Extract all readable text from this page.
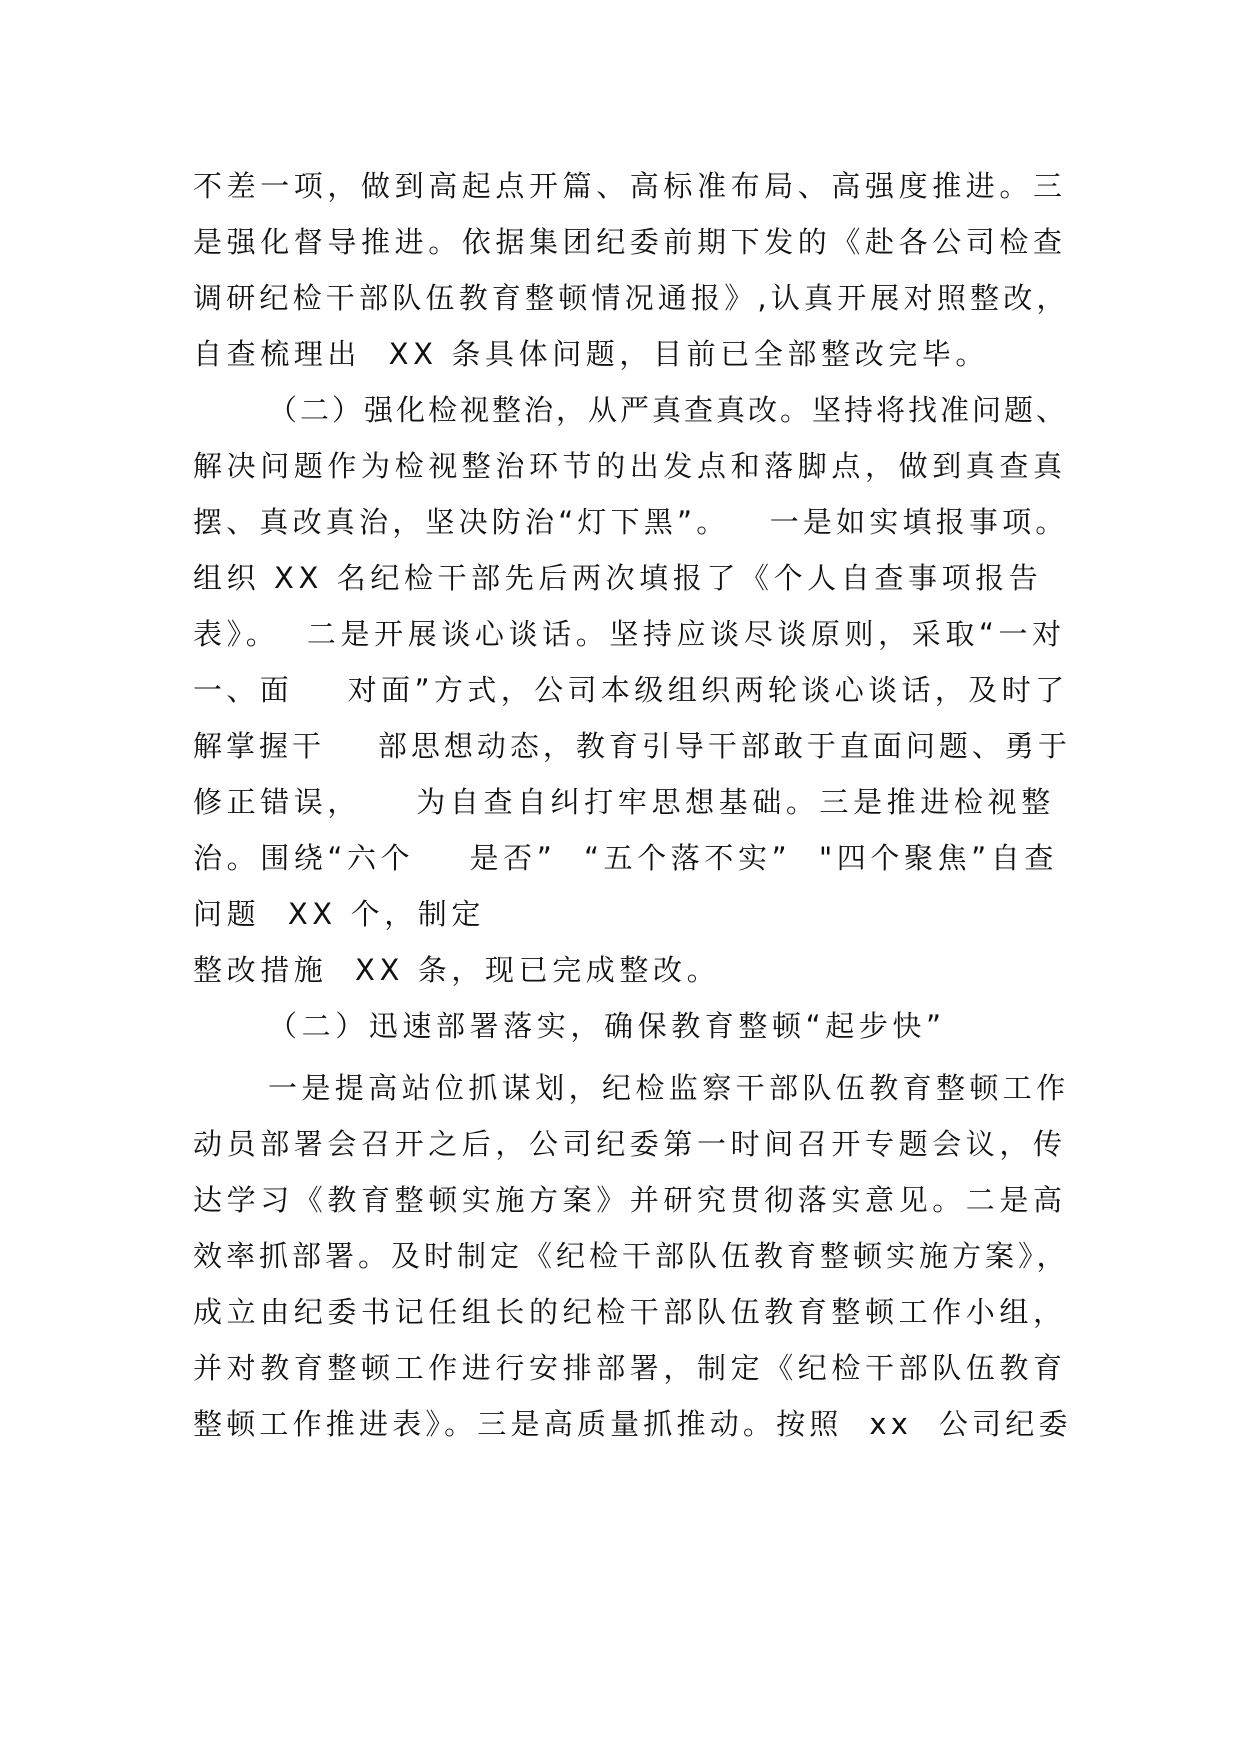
不差一项，做到高起点开篇、高标准布局、高强度推进。三
是强化督导推进。依据集团纪委前期下发的《赴各公司检查
调研纪检干部队伍教育整顿情况通报》,认真开展对照整改，
自查梳理出  XX 条具体问题，目前已全部整改完毕。
（二）强化检视整治，从严真查真改。坚持将找准问题、
解决问题作为检视整治环节的出发点和落脚点，做到真查真
摆、真改真治，坚决防治“灯下黑”。   一是如实填报事项。
组织 XX 名纪检干部先后两次填报了《个人自查事项报告
表》。  二是开展谈心谈话。坚持应谈尽谈原则，采取“一对
一、面    对面”方式，公司本级组织两轮谈心谈话，及时了
解掌握干    部思想动态，教育引导干部敢于直面问题、勇于
修正错误，    为自查自纠打牢思想基础。三是推进检视整
治。围绕“六个    是否”  “五个落不实”  "四个聚焦”自查
问题  XX 个，制定
整改措施  XX 条，现已完成整改。
（二）迅速部署落实，确保教育整顿“起步快”
一是提高站位抓谋划，纪检监察干部队伍教育整顿工作
动员部署会召开之后，公司纪委第一时间召开专题会议，传
达学习《教育整顿实施方案》并研究贯彻落实意见。二是高
效率抓部署。及时制定《纪检干部队伍教育整顿实施方案》，
成立由纪委书记任组长的纪检干部队伍教育整顿工作小组，
并对教育整顿工作进行安排部署，制定《纪检干部队伍教育
整顿工作推进表》。三是高质量抓推动。按照  xx  公司纪委
